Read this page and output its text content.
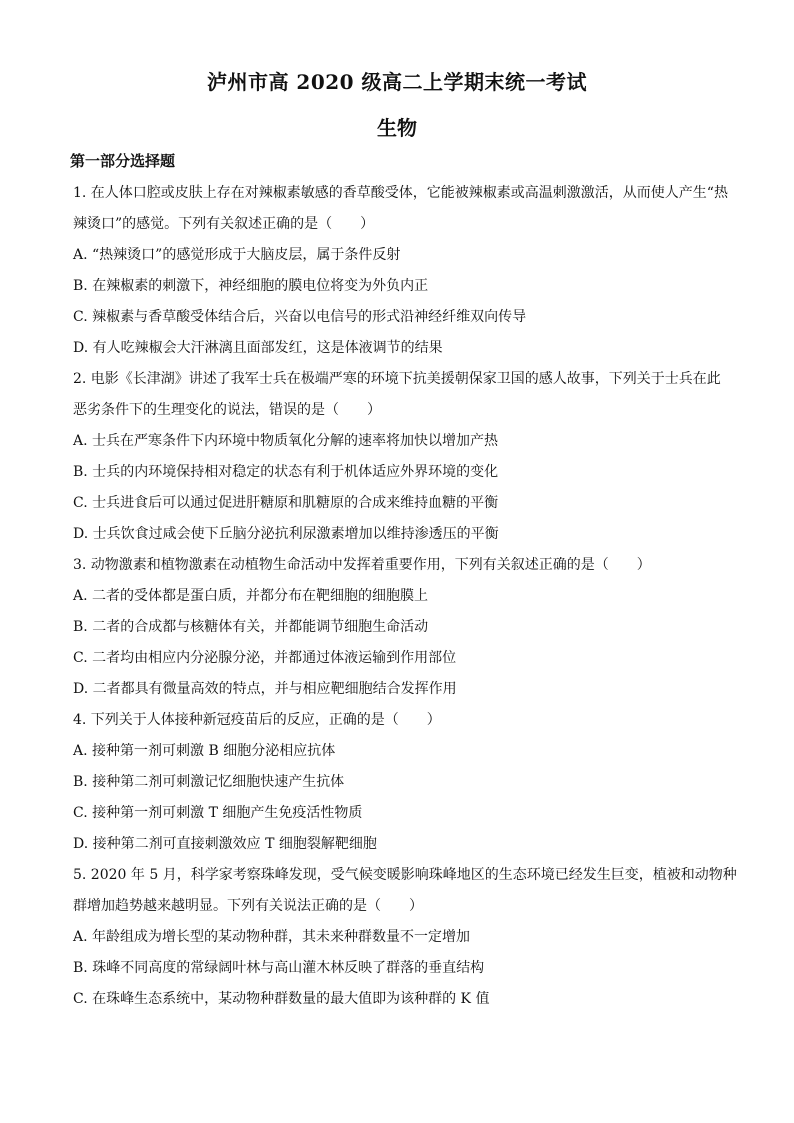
泸州市高 2020 级高二上学期末统一考试
生物
第一部分选择题
1. 在人体口腔或皮肤上存在对辣椒素敏感的香草酸受体，它能被辣椒素或高温刺激激活，从而使人产生“热
辣烫口”的感觉。下列有关叙述正确的是（　　）
A. “热辣烫口”的感觉形成于大脑皮层，属于条件反射
B. 在辣椒素的刺激下，神经细胞的膜电位将变为外负内正
C. 辣椒素与香草酸受体结合后，兴奋以电信号的形式沿神经纤维双向传导
D. 有人吃辣椒会大汗淋漓且面部发红，这是体液调节的结果
2. 电影《长津湖》讲述了我军士兵在极端严寒的环境下抗美援朝保家卫国的感人故事，下列关于士兵在此
恶劣条件下的生理变化的说法，错误的是（　　）
A. 士兵在严寒条件下内环境中物质氧化分解的速率将加快以增加产热
B. 士兵的内环境保持相对稳定的状态有利于机体适应外界环境的变化
C. 士兵进食后可以通过促进肝糖原和肌糖原的合成来维持血糖的平衡
D. 士兵饮食过咸会使下丘脑分泌抗利尿激素增加以维持渗透压的平衡
3. 动物激素和植物激素在动植物生命活动中发挥着重要作用，下列有关叙述正确的是（　　）
A. 二者的受体都是蛋白质，并都分布在靶细胞的细胞膜上
B. 二者的合成都与核糖体有关，并都能调节细胞生命活动
C. 二者均由相应内分泌腺分泌，并都通过体液运输到作用部位
D. 二者都具有微量高效的特点，并与相应靶细胞结合发挥作用
4. 下列关于人体接种新冠疫苗后的反应，正确的是（　　）
A. 接种第一剂可刺激 B 细胞分泌相应抗体
B. 接种第二剂可刺激记忆细胞快速产生抗体
C. 接种第一剂可刺激 T 细胞产生免疫活性物质
D. 接种第二剂可直接刺激效应 T 细胞裂解靶细胞
5. 2020 年 5 月，科学家考察珠峰发现，受气候变暖影响珠峰地区的生态环境已经发生巨变，植被和动物种
群增加趋势越来越明显。下列有关说法正确的是（　　）
A. 年龄组成为增长型的某动物种群，其未来种群数量不一定增加
B. 珠峰不同高度的常绿阔叶林与高山灌木林反映了群落的垂直结构
C. 在珠峰生态系统中，某动物种群数量的最大值即为该种群的 K 值
